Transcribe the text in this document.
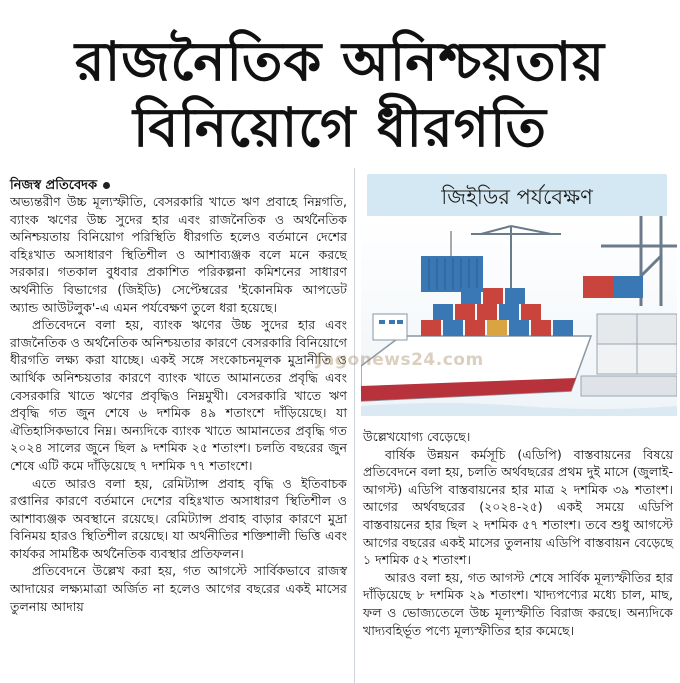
রাজনৈতিক অনিশ্চয়তায়
বিনিয়োগে ধীরগতি
নিজস্ব প্রতিবেদক

অভ্যন্তরীণ উচ্চ মূল্যস্ফীতি, বেসরকারি খাতে ঋণ প্রবাহে নিম্নগতি, ব্যাংক ঋণের উচ্চ সুদের হার এবং রাজনৈতিক ও অর্থনৈতিক অনিশ্চয়তায় বিনিয়োগ পরিস্থিতি ধীরগতি হলেও বর্তমানে দেশের বহিঃখাত অসাধারণ স্থিতিশীল ও আশাব্যঞ্জক বলে মনে করছে সরকার। গতকাল বুধবার প্রকাশিত পরিকল্পনা কমিশনের সাধারণ অর্থনীতি বিভাগের (জিইডি) সেপ্টেম্বরের 'ইকোনমিক আপডেট অ্যান্ড আউটলুক'-এ এমন পর্যবেক্ষণ তুলে ধরা হয়েছে।

প্রতিবেদনে বলা হয়, ব্যাংক ঋণের উচ্চ সুদের হার এবং রাজনৈতিক ও অর্থনৈতিক অনিশ্চয়তার কারণে বেসরকারি বিনিয়োগে ধীরগতি লক্ষ্য করা যাচ্ছে। একই সঙ্গে সংকোচনমূলক মুদ্রানীতি ও আর্থিক অনিশ্চয়তার কারণে ব্যাংক খাতে আমানতের প্রবৃদ্ধি এবং বেসরকারি খাতে ঋণের প্রবৃদ্ধিও নিম্নমুখী। বেসরকারি খাতে ঋণ প্রবৃদ্ধি গত জুন শেষে ৬ দশমিক ৪৯ শতাংশে দাঁড়িয়েছে। যা ঐতিহাসিকভাবে নিম্ন। অন্যদিকে ব্যাংক খাতে আমানতের প্রবৃদ্ধি গত ২০২৪ সালের জুনে ছিল ৯ দশমিক ২৫ শতাংশ। চলতি বছরের জুন শেষে এটি কমে দাঁড়িয়েছে ৭ দশমিক ৭৭ শতাংশে।

এতে আরও বলা হয়, রেমিট্যান্স প্রবাহ বৃদ্ধি ও ইতিবাচক রপ্তানির কারণে বর্তমানে দেশের বহিঃখাত অসাধারণ স্থিতিশীল ও আশাব্যঞ্জক অবস্থানে রয়েছে। রেমিট্যান্স প্রবাহ বাড়ার কারণে মুদ্রা বিনিময় হারও স্থিতিশীল রয়েছে। যা অর্থনীতির শক্তিশালী ভিত্তি এবং কার্যকর সামষ্টিক অর্থনৈতিক ব্যবস্থার প্রতিফলন।

প্রতিবেদনে উল্লেখ করা হয়, গত আগস্টে সার্বিকভাবে রাজস্ব আদায়ের লক্ষ্যমাত্রা অর্জিত না হলেও আগের বছরের একই মাসের তুলনায় আদায়

জিইডির পর্যবেক্ষণ
Jagonews24.com

উল্লেখযোগ্য বেড়েছে।

বার্ষিক উন্নয়ন কর্মসূচি (এডিপি) বাস্তবায়নের বিষয়ে প্রতিবেদনে বলা হয়, চলতি অর্থবছরের প্রথম দুই মাসে (জুলাই-আগস্ট) এডিপি বাস্তবায়নের হার মাত্র ২ দশমিক ৩৯ শতাংশ। আগের অর্থবছরের (২০২৪-২৫) একই সময়ে এডিপি বাস্তবায়নের হার ছিল ২ দশমিক ৫৭ শতাংশ। তবে শুধু আগস্টে আগের বছরের একই মাসের তুলনায় এডিপি বাস্তবায়ন বেড়েছে ১ দশমিক ৫২ শতাংশ।

আরও বলা হয়, গত আগস্ট শেষে সার্বিক মূল্যস্ফীতির হার দাঁড়িয়েছে ৮ দশমিক ২৯ শতাংশ। খাদ্যপণ্যের মধ্যে চাল, মাছ, ফল ও ভোজ্যতেলে উচ্চ মূল্যস্ফীতি বিরাজ করছে। অন্যদিকে খাদ্যবহির্ভূত পণ্যে মূল্যস্ফীতির হার কমেছে।
